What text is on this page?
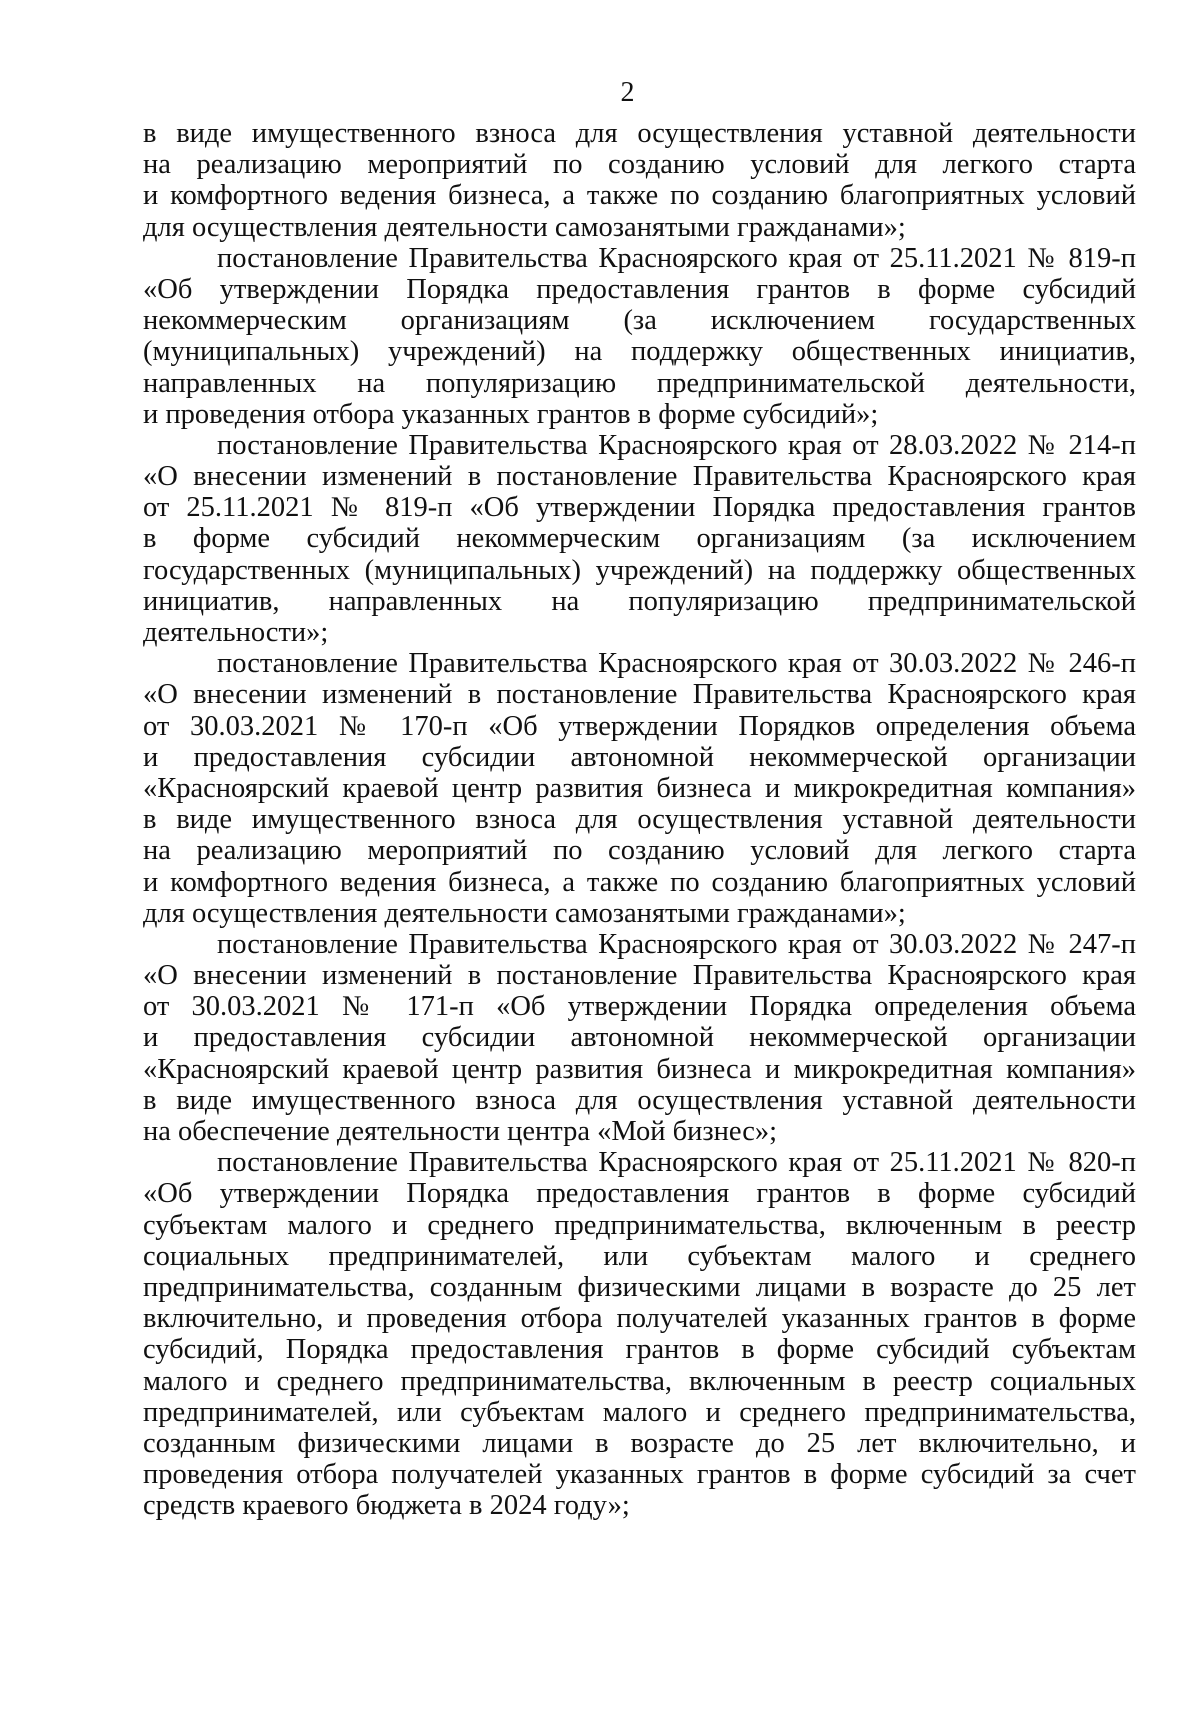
2
в виде имущественного взноса для осуществления уставной деятельности
на реализацию мероприятий по созданию условий для легкого старта
и комфортного ведения бизнеса, а также по созданию благоприятных условий
для осуществления деятельности самозанятыми гражданами»;
постановление Правительства Красноярского края от 25.11.2021 № 819-п
«Об утверждении Порядка предоставления грантов в форме субсидий
некоммерческим организациям (за исключением государственных
(муниципальных) учреждений) на поддержку общественных инициатив,
направленных на популяризацию предпринимательской деятельности,
и проведения отбора указанных грантов в форме субсидий»;
постановление Правительства Красноярского края от 28.03.2022 № 214-п
«О внесении изменений в постановление Правительства Красноярского края
от 25.11.2021 № 819-п «Об утверждении Порядка предоставления грантов
в форме субсидий некоммерческим организациям (за исключением
государственных (муниципальных) учреждений) на поддержку общественных
инициатив, направленных на популяризацию предпринимательской
деятельности»;
постановление Правительства Красноярского края от 30.03.2022 № 246-п
«О внесении изменений в постановление Правительства Красноярского края
от 30.03.2021 № 170-п «Об утверждении Порядков определения объема
и предоставления субсидии автономной некоммерческой организации
«Красноярский краевой центр развития бизнеса и микрокредитная компания»
в виде имущественного взноса для осуществления уставной деятельности
на реализацию мероприятий по созданию условий для легкого старта
и комфортного ведения бизнеса, а также по созданию благоприятных условий
для осуществления деятельности самозанятыми гражданами»;
постановление Правительства Красноярского края от 30.03.2022 № 247-п
«О внесении изменений в постановление Правительства Красноярского края
от 30.03.2021 № 171-п «Об утверждении Порядка определения объема
и предоставления субсидии автономной некоммерческой организации
«Красноярский краевой центр развития бизнеса и микрокредитная компания»
в виде имущественного взноса для осуществления уставной деятельности
на обеспечение деятельности центра «Мой бизнес»;
постановление Правительства Красноярского края от 25.11.2021 № 820-п
«Об утверждении Порядка предоставления грантов в форме субсидий
субъектам малого и среднего предпринимательства, включенным в реестр
социальных предпринимателей, или субъектам малого и среднего
предпринимательства, созданным физическими лицами в возрасте до 25 лет
включительно, и проведения отбора получателей указанных грантов в форме
субсидий, Порядка предоставления грантов в форме субсидий субъектам
малого и среднего предпринимательства, включенным в реестр социальных
предпринимателей, или субъектам малого и среднего предпринимательства,
созданным физическими лицами в возрасте до 25 лет включительно, и
проведения отбора получателей указанных грантов в форме субсидий за счет
средств краевого бюджета в 2024 году»;
